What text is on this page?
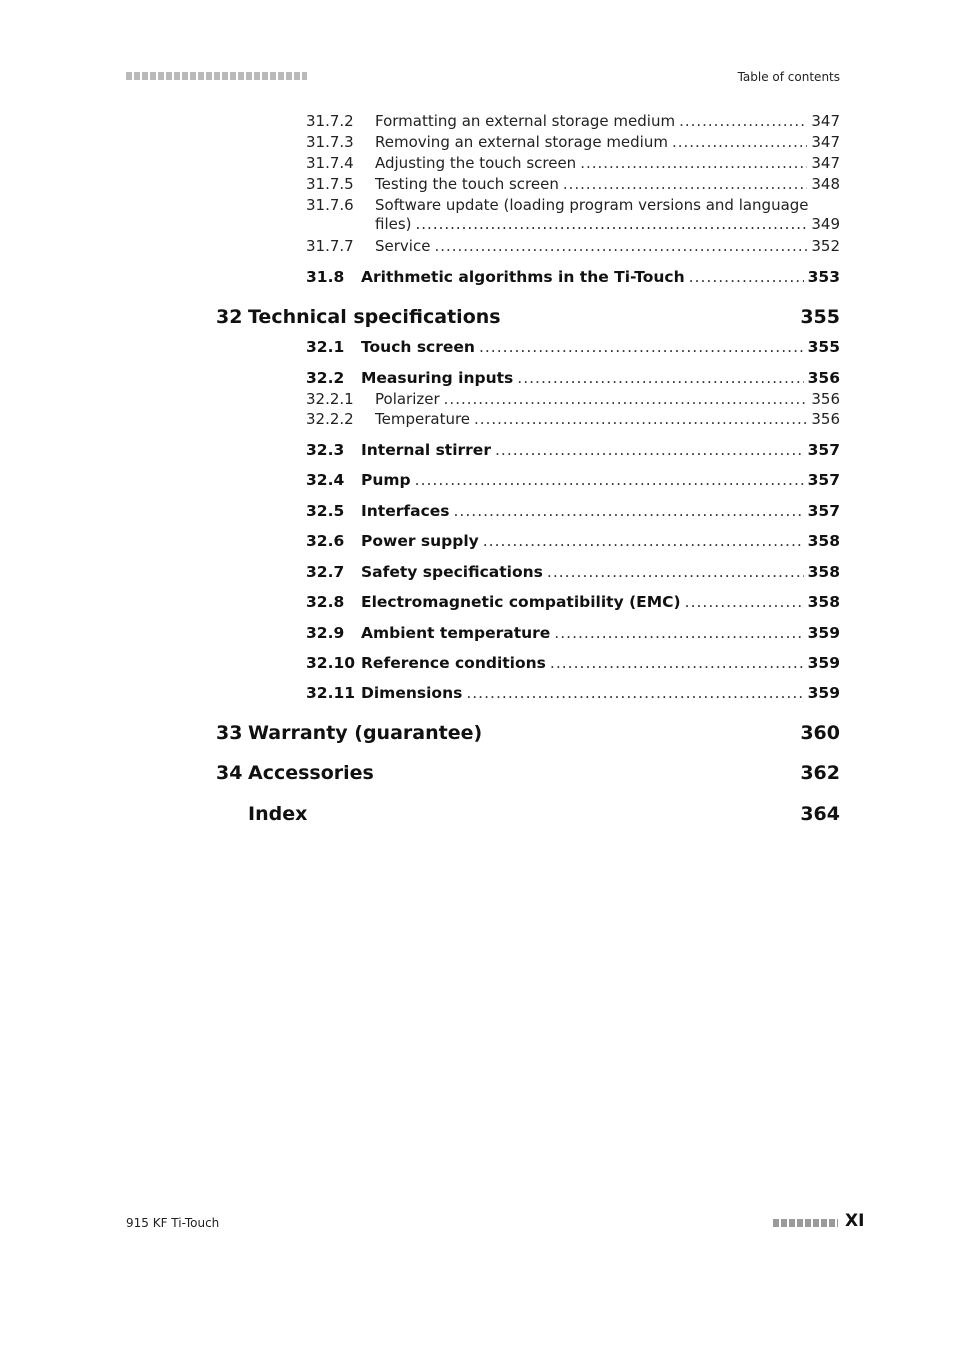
Table of contents
31.7.2	Formatting an external storage medium .....	347
31.7.3	Removing an external storage medium .....	347
31.7.4	Adjusting the touch screen .....	347
31.7.5	Testing the touch screen .....	348
31.7.6	Software update (loading program versions and language
files) .....	349
31.7.7	Service .....	352
31.8	Arithmetic algorithms in the Ti-Touch .....	353
32 Technical specifications	355
32.1	Touch screen .....	355
32.2	Measuring inputs .....	356
32.2.1	Polarizer .....	356
32.2.2	Temperature .....	356
32.3	Internal stirrer .....	357
32.4	Pump .....	357
32.5	Interfaces .....	357
32.6	Power supply .....	358
32.7	Safety specifications .....	358
32.8	Electromagnetic compatibility (EMC) .....	358
32.9	Ambient temperature .....	359
32.10 Reference conditions .....	359
32.11 Dimensions .....	359
33 Warranty (guarantee)	360
34 Accessories	362
Index	364
915 KF Ti-Touch	XI
